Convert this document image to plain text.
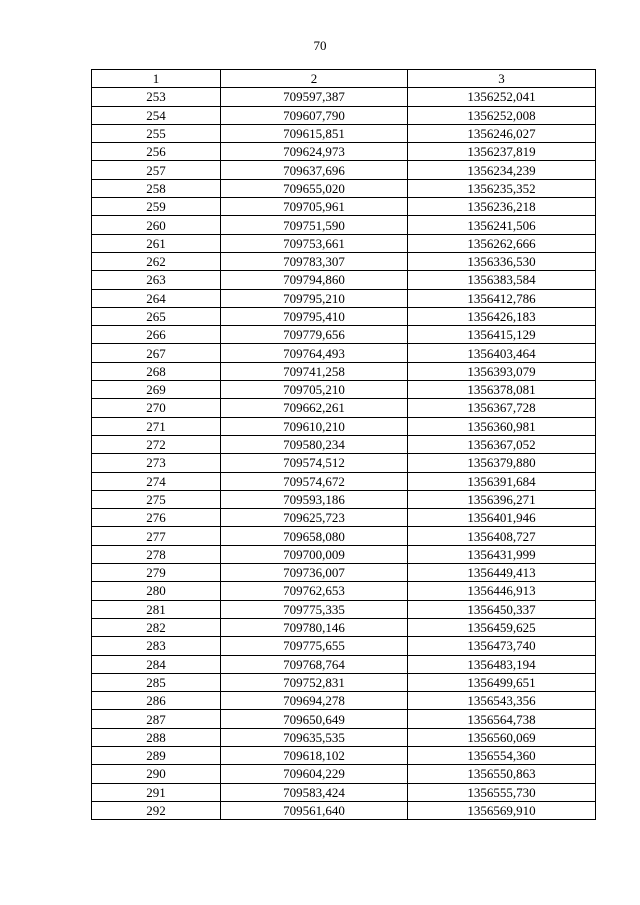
70
1	2	3
253	709597,387	1356252,041
254	709607,790	1356252,008
255	709615,851	1356246,027
256	709624,973	1356237,819
257	709637,696	1356234,239
258	709655,020	1356235,352
259	709705,961	1356236,218
260	709751,590	1356241,506
261	709753,661	1356262,666
262	709783,307	1356336,530
263	709794,860	1356383,584
264	709795,210	1356412,786
265	709795,410	1356426,183
266	709779,656	1356415,129
267	709764,493	1356403,464
268	709741,258	1356393,079
269	709705,210	1356378,081
270	709662,261	1356367,728
271	709610,210	1356360,981
272	709580,234	1356367,052
273	709574,512	1356379,880
274	709574,672	1356391,684
275	709593,186	1356396,271
276	709625,723	1356401,946
277	709658,080	1356408,727
278	709700,009	1356431,999
279	709736,007	1356449,413
280	709762,653	1356446,913
281	709775,335	1356450,337
282	709780,146	1356459,625
283	709775,655	1356473,740
284	709768,764	1356483,194
285	709752,831	1356499,651
286	709694,278	1356543,356
287	709650,649	1356564,738
288	709635,535	1356560,069
289	709618,102	1356554,360
290	709604,229	1356550,863
291	709583,424	1356555,730
292	709561,640	1356569,910
